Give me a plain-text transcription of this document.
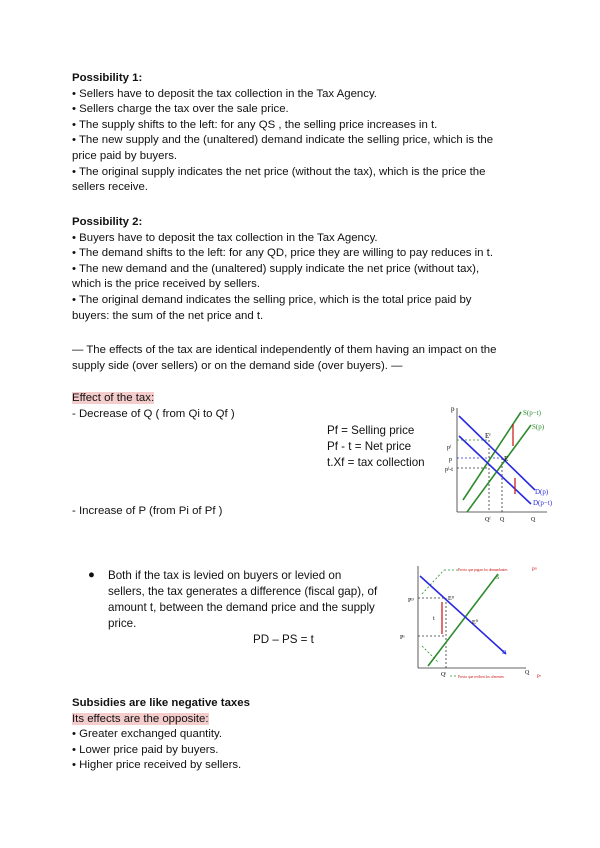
Possibility 1:
• Sellers have to deposit the tax collection in the Tax Agency.
• Sellers charge the tax over the sale price.
• The supply shifts to the left: for any QS , the selling price increases in t.
• The new supply and the (unaltered) demand indicate the selling price, which is the
price paid by buyers.
• The original supply indicates the net price (without the tax), which is the price the
sellers receive.
Possibility 2:
• Buyers have to deposit the tax collection in the Tax Agency.
• The demand shifts to the left: for any QD, price they are willing to pay reduces in t.
• The new demand and the (unaltered) supply indicate the net price (without tax),
which is the price received by sellers.
• The original demand indicates the selling price, which is the total price paid by
buyers: the sum of the net price and t.
— The effects of the tax are identical independently of them having an impact on the
supply side (over sellers) or on the demand side (over buyers). —
Effect of the tax:
- Decrease of Q ( from Qi to Qf )
- Increase of P (from Pi of Pf )
Pf = Selling price
Pf - t = Net price
t.Xf = tax collection
p	S(p−t)
S(p)
D(p)
D(p−t)
pᶠ
p
pᶠ-t
Eᶠ
E
Qᶠ Q	Q
● Both if the tax is levied on buyers or levied on
sellers, the tax generates a difference (fiscal gap), of
amount t, between the demand price and the supply
price.
PD – PS = t
Precio que pagan los demandantes	Pᴰ
Precio que reciben los oferentes	Pˢ
S
D
Pᴰ
Pˢ
Eᴰ
E⁰
t
Qᵗ	Q
Subsidies are like negative taxes
Its effects are the opposite:
• Greater exchanged quantity.
• Lower price paid by buyers.
• Higher price received by sellers.
